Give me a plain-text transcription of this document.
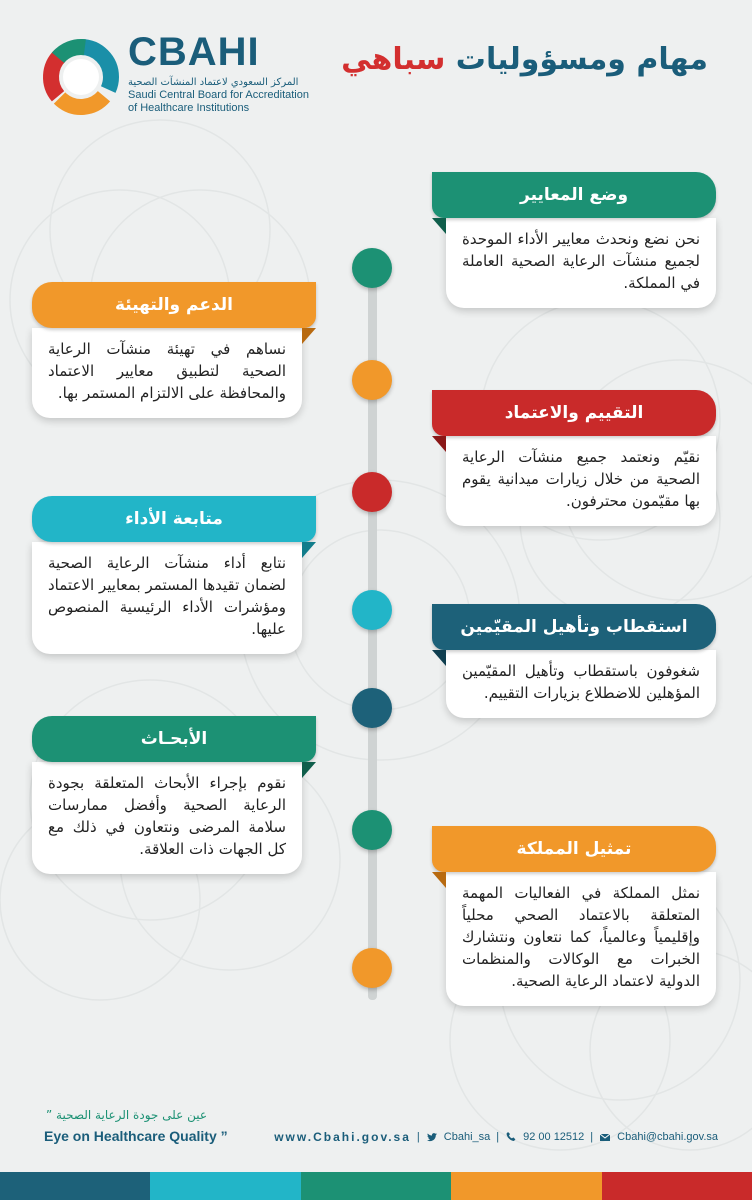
CBAHI
المركز السعودي لاعتماد المنشآت الصحية
Saudi Central Board for Accreditation
of Healthcare Institutions
مهام ومسؤوليات سباهي
وضع المعايير
نحن نضع ونحدث معايير الأداء الموحدة لجميع منشآت الرعاية الصحية العاملة في المملكة.
الدعم والتهيئة
نساهم في تهيئة منشآت الرعاية الصحية لتطبيق معايير الاعتماد والمحافظة على الالتزام المستمر بها.
التقييم والاعتماد
نقيّم ونعتمد جميع منشآت الرعاية الصحية من خلال زيارات ميدانية يقوم بها مقيّمون محترفون.
متابعة الأداء
نتابع أداء منشآت الرعاية الصحية لضمان تقيدها المستمر بمعايير الاعتماد ومؤشرات الأداء الرئيسية المنصوص عليها.	استقطاب وتأهيل المقيّمين
شغوفون باستقطاب وتأهيل المقيّمين المؤهلين للاضطلاع بزيارات التقييم.
الأبحـاث
نقوم بإجراء الأبحاث المتعلقة بجودة الرعاية الصحية وأفضل ممارسات سلامة المرضى ونتعاون في ذلك مع كل الجهات ذات العلاقة.	تمثيل المملكة
نمثل المملكة في الفعاليات المهمة المتعلقة بالاعتماد الصحي محلياً وإقليمياً وعالمياً، كما نتعاون ونتشارك الخبرات مع الوكالات والمنظمات الدولية لاعتماد الرعاية الصحية.
عين على جودة الرعاية الصحية ”
Eye on Healthcare Quality ”	www.Cbahi.gov.sa | Cbahi_sa | 92 00 12512 | Cbahi@cbahi.gov.sa
